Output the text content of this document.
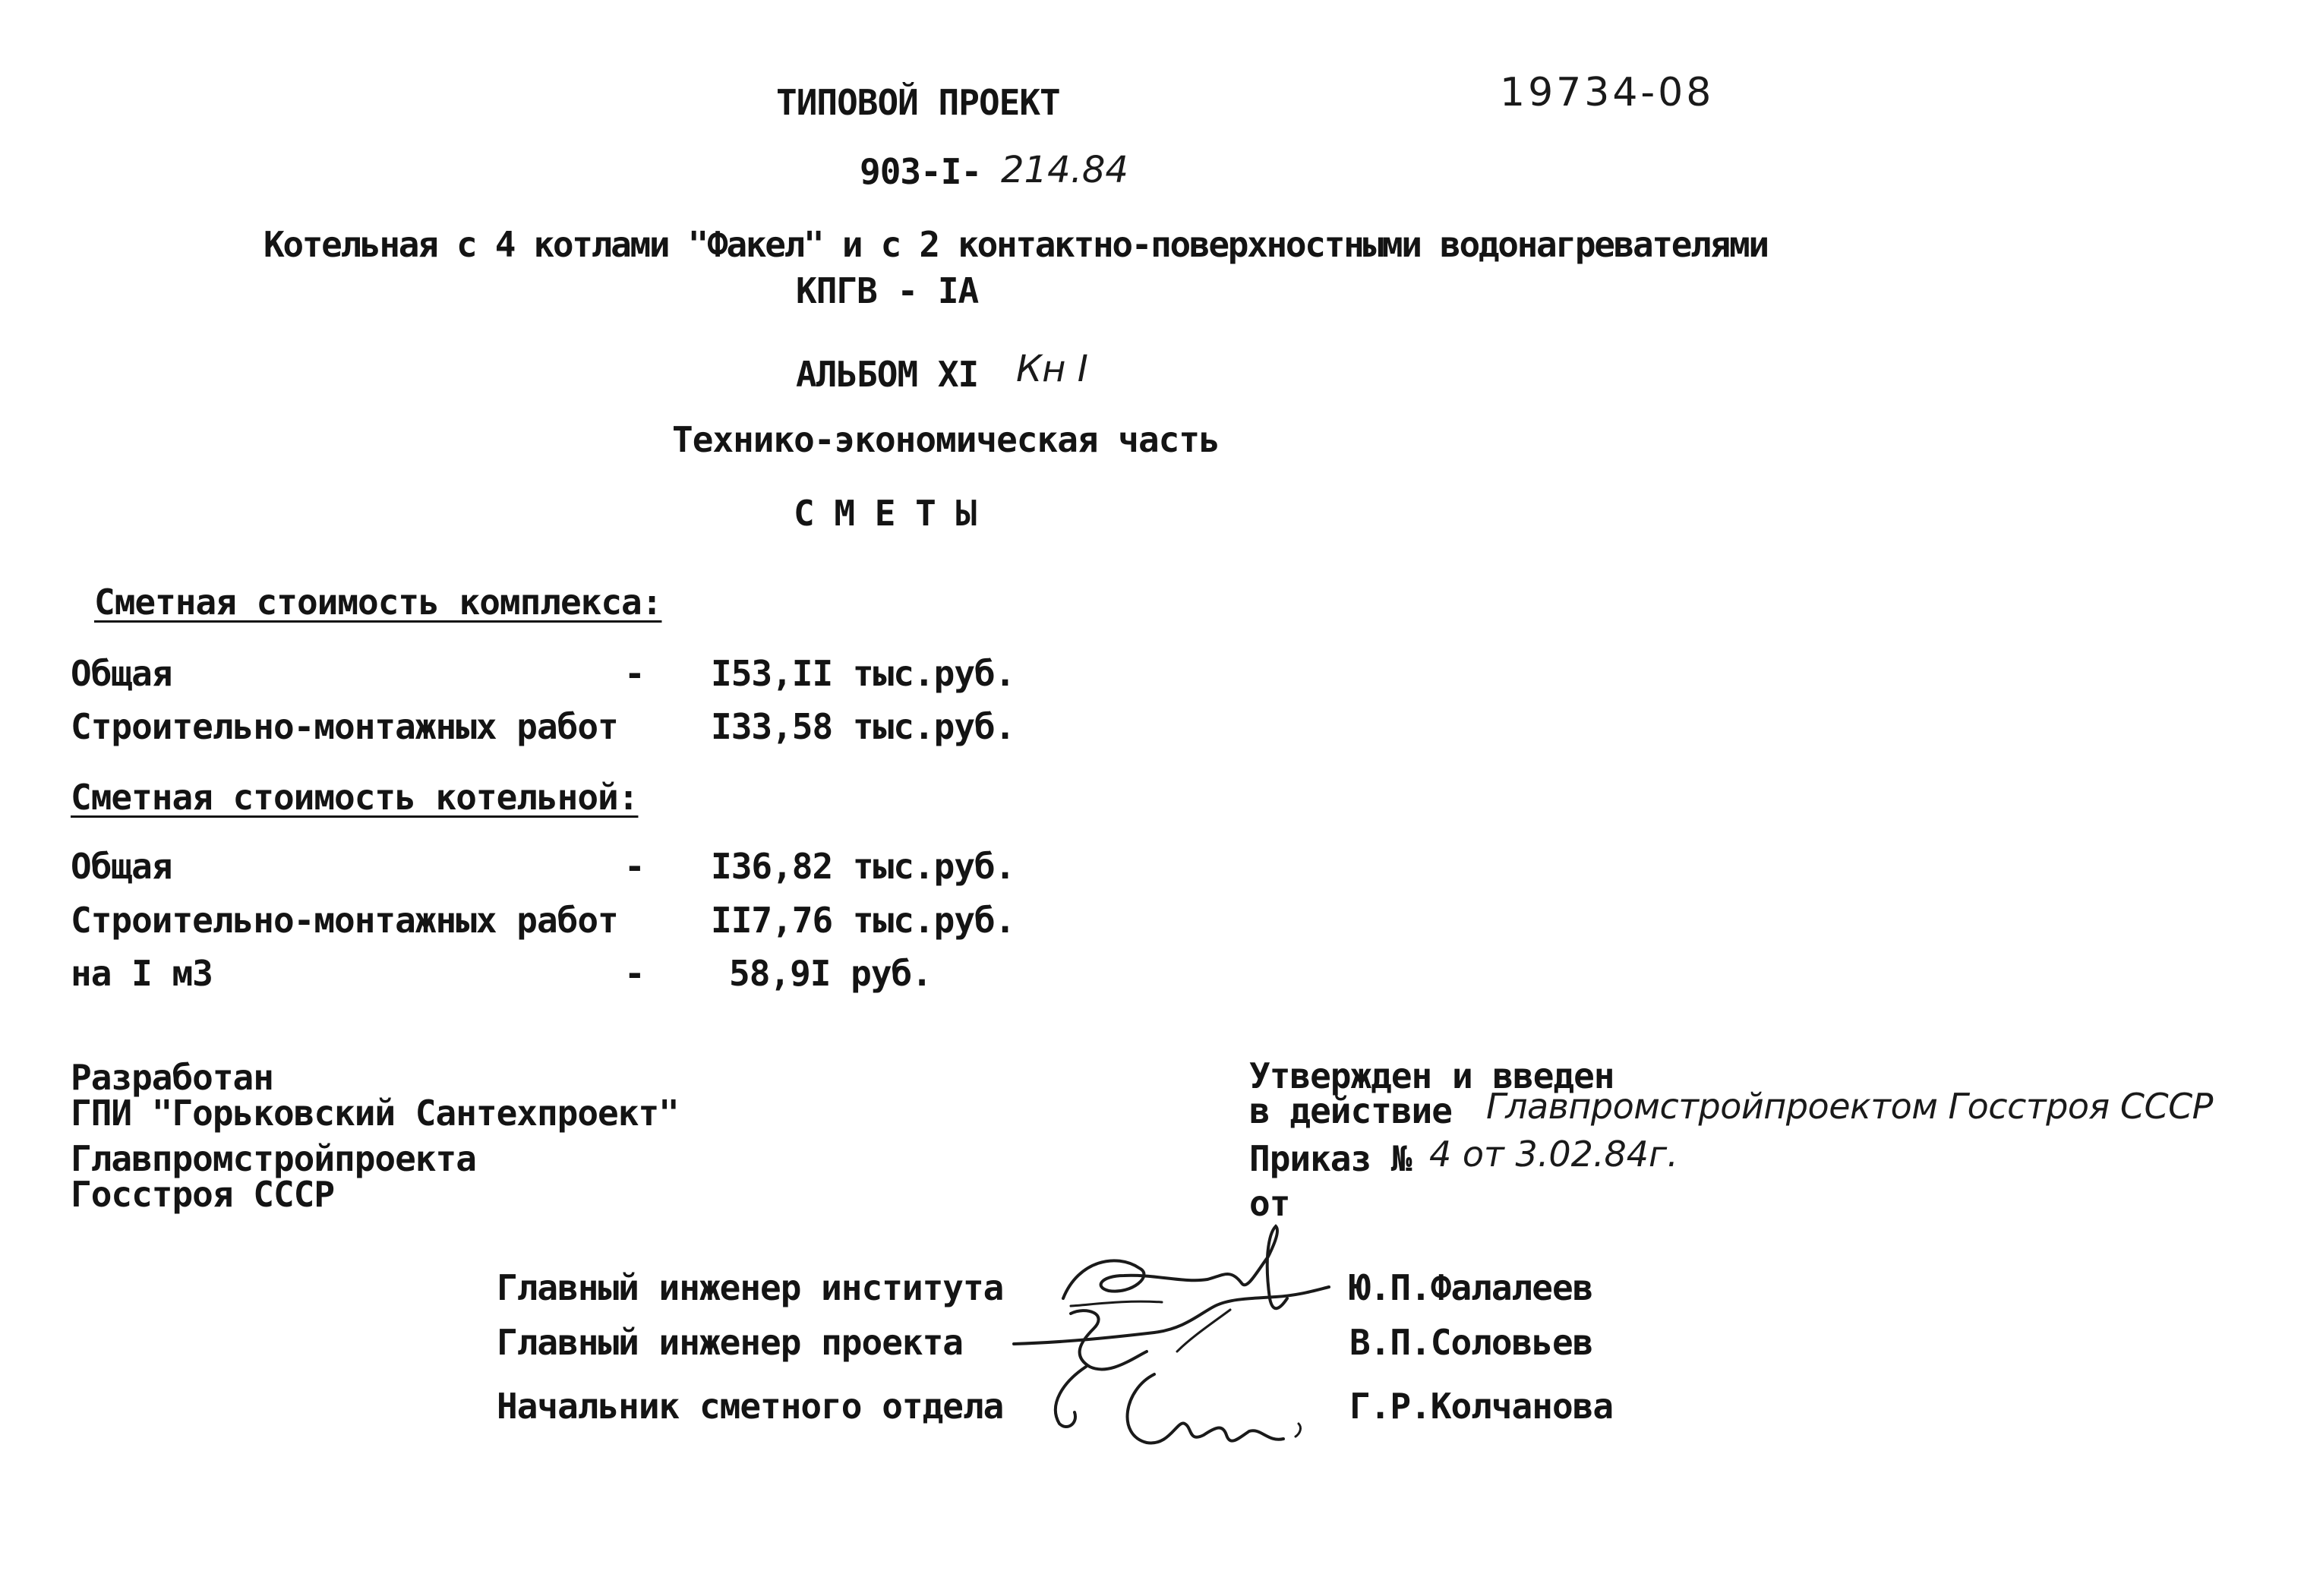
ТИПОВОЙ ПРОЕКТ	19734-08
903-I- 214.84
Котельная с 4 котлами "Факел" и с 2 контактно-поверхностными водонагревателями
КПГВ - IА
АЛЬБОМ XI Кн I
Технико-экономическая часть
С М Е Т Ы
Сметная стоимость комплекса:
Общая	- I53,II тыс.руб.
Строительно-монтажных работ	I33,58 тыс.руб.
Сметная стоимость котельной:
Общая	- I36,82 тыс.руб.
Строительно-монтажных работ	II7,76 тыс.руб.
на I м3	- 58,9I руб.
Разработан
ГПИ "Горьковский Сантехпроект"
Главпромстройпроекта
Госстроя СССР
Утвержден и введен
в действие Главпромстройпроектом Госстроя СССР
Приказ № 4 от 3.02.84г.
от
Главный инженер института	Ю.П.Фалалеев
Главный инженер проекта	В.П.Соловьев
Начальник сметного отдела	Г.Р.Колчанова
